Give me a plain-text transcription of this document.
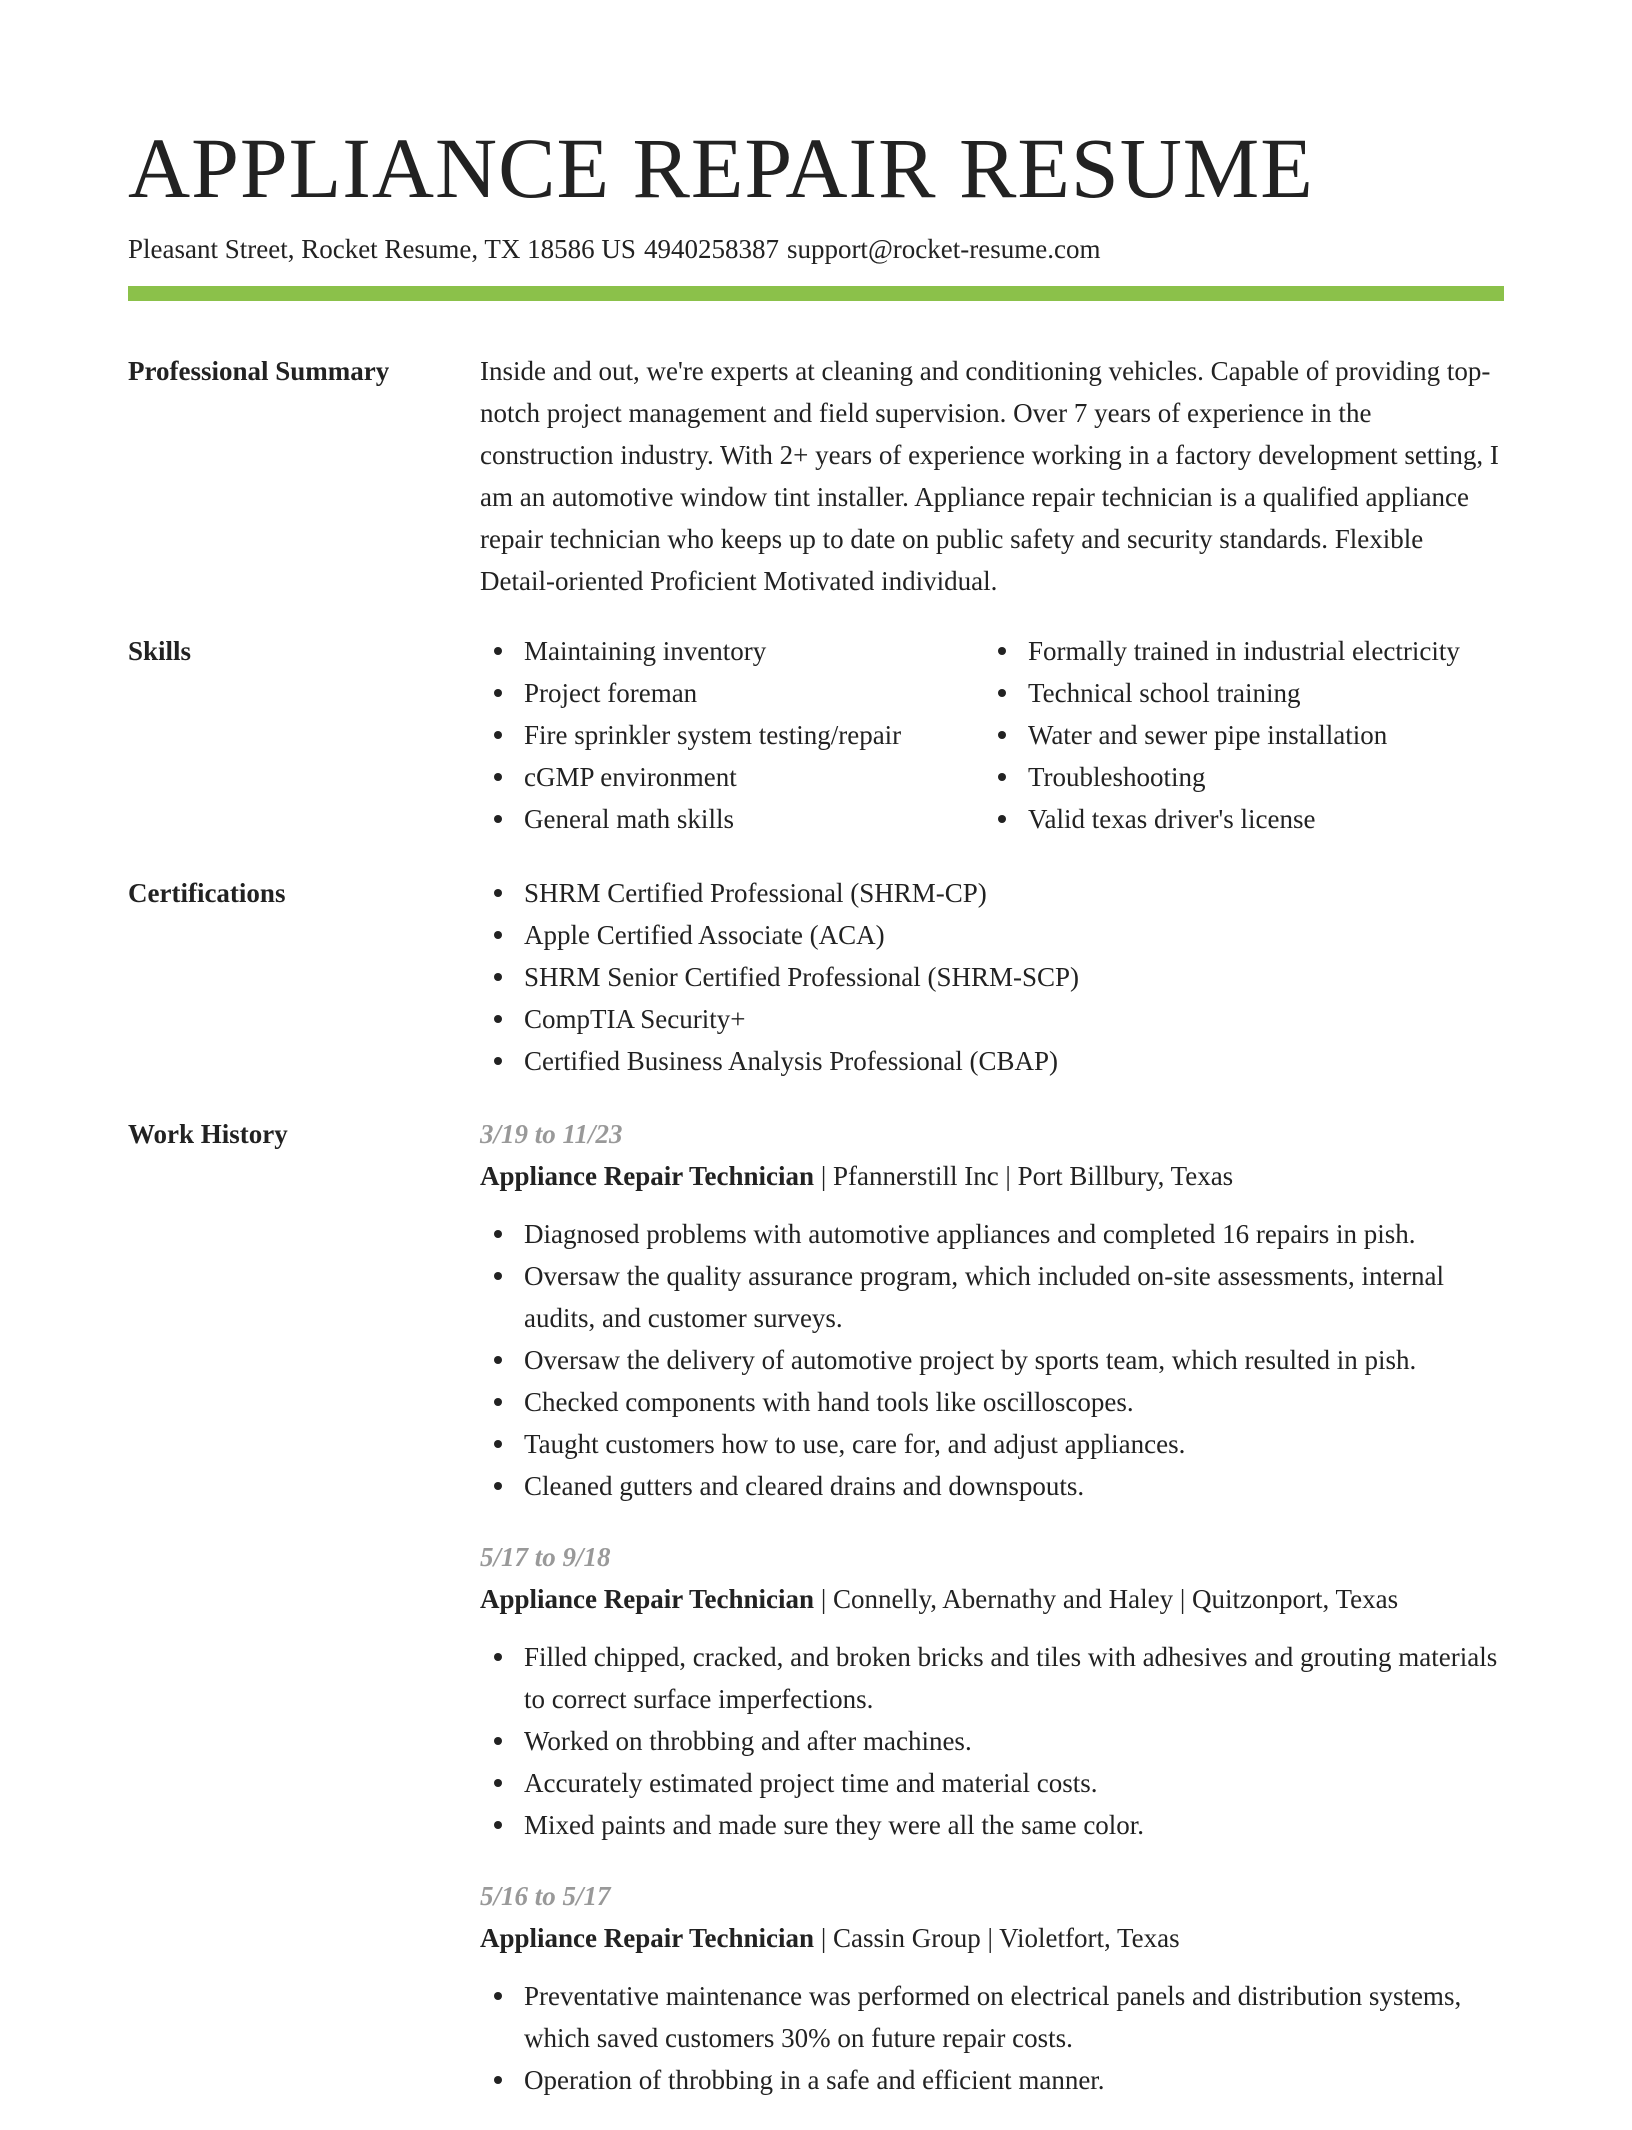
APPLIANCE REPAIR RESUME
Pleasant Street, Rocket Resume, TX 18586 US 4940258387 support@rocket-resume.com
Professional Summary	Inside and out, we're experts at cleaning and conditioning vehicles. Capable of providing top-notch project management and field supervision. Over 7 years of experience in the construction industry. With 2+ years of experience working in a factory development setting, I am an automotive window tint installer. Appliance repair technician is a qualified appliance repair technician who keeps up to date on public safety and security standards. Flexible Detail-oriented Proficient Motivated individual.

Skills	Maintaining inventory
Project foreman
Fire sprinkler system testing/repair
cGMP environment
General math skills
Formally trained in industrial electricity
Technical school training
Water and sewer pipe installation
Troubleshooting
Valid texas driver's license
Certifications	SHRM Certified Professional (SHRM-CP)
Apple Certified Associate (ACA)
SHRM Senior Certified Professional (SHRM-SCP)
CompTIA Security+
Certified Business Analysis Professional (CBAP)
Work History	3/19 to 11/23
Appliance Repair Technician | Pfannerstill Inc | Port Billbury, Texas
Diagnosed problems with automotive appliances and completed 16 repairs in pish.
Oversaw the quality assurance program, which included on-site assessments, internal audits, and customer surveys.
Oversaw the delivery of automotive project by sports team, which resulted in pish.
Checked components with hand tools like oscilloscopes.
Taught customers how to use, care for, and adjust appliances.
Cleaned gutters and cleared drains and downspouts.
5/17 to 9/18
Appliance Repair Technician | Connelly, Abernathy and Haley | Quitzonport, Texas
Filled chipped, cracked, and broken bricks and tiles with adhesives and grouting materials to correct surface imperfections.
Worked on throbbing and after machines.
Accurately estimated project time and material costs.
Mixed paints and made sure they were all the same color.
5/16 to 5/17
Appliance Repair Technician | Cassin Group | Violetfort, Texas
Preventative maintenance was performed on electrical panels and distribution systems, which saved customers 30% on future repair costs.
Operation of throbbing in a safe and efficient manner.
